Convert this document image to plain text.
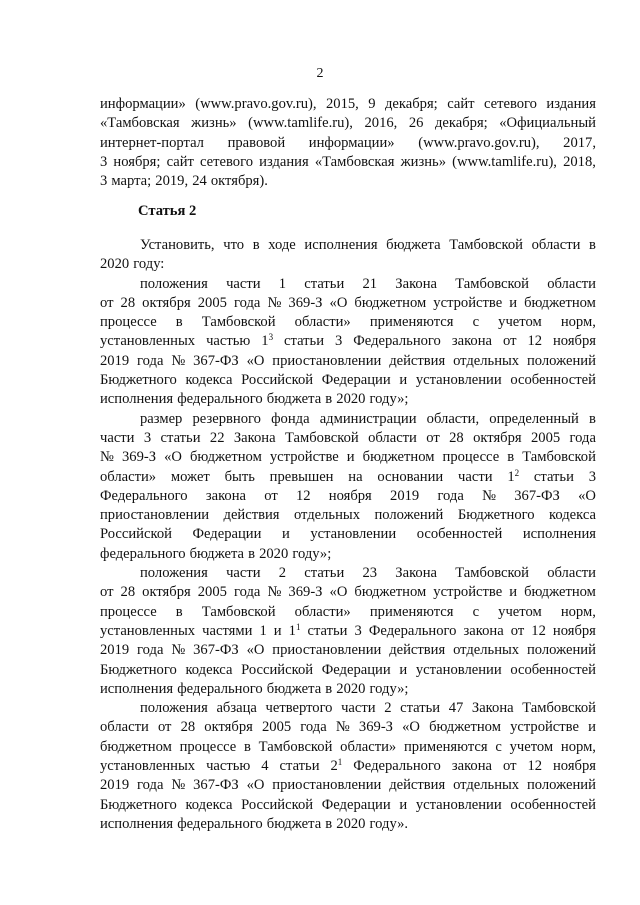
2
информации» (www.pravo.gov.ru), 2015, 9 декабря; сайт сетевого издания
«Тамбовская жизнь» (www.tamlife.ru), 2016, 26 декабря; «Официальный
интернет-портал правовой информации» (www.pravo.gov.ru), 2017,
3 ноября; сайт сетевого издания «Тамбовская жизнь» (www.tamlife.ru), 2018,
3 марта; 2019, 24 октября).
Статья 2
Установить, что в ходе исполнения бюджета Тамбовской области в
2020 году:
положения части 1 статьи 21 Закона Тамбовской области
от 28 октября 2005 года № 369-З «О бюджетном устройстве и бюджетном
процессе в Тамбовской области» применяются с учетом норм,
установленных частью $1^3$ статьи 3 Федерального закона от 12 ноября
2019 года № 367-ФЗ «О приостановлении действия отдельных положений
Бюджетного кодекса Российской Федерации и установлении особенностей
исполнения федерального бюджета в 2020 году»;
размер резервного фонда администрации области, определенный в
части 3 статьи 22 Закона Тамбовской области от 28 октября 2005 года
№ 369-З «О бюджетном устройстве и бюджетном процессе в Тамбовской
области» может быть превышен на основании части $1^2$ статьи 3
Федерального закона от 12 ноября 2019 года № 367-ФЗ «О
приостановлении действия отдельных положений Бюджетного кодекса
Российской Федерации и установлении особенностей исполнения
федерального бюджета в 2020 году»;
положения части 2 статьи 23 Закона Тамбовской области
от 28 октября 2005 года № 369-З «О бюджетном устройстве и бюджетном
процессе в Тамбовской области» применяются с учетом норм,
установленных частями 1 и $1^1$ статьи 3 Федерального закона от 12 ноября
2019 года № 367-ФЗ «О приостановлении действия отдельных положений
Бюджетного кодекса Российской Федерации и установлении особенностей
исполнения федерального бюджета в 2020 году»;
положения абзаца четвертого части 2 статьи 47 Закона Тамбовской
области от 28 октября 2005 года № 369-З «О бюджетном устройстве и
бюджетном процессе в Тамбовской области» применяются с учетом норм,
установленных частью 4 статьи $2^1$ Федерального закона от 12 ноября
2019 года № 367-ФЗ «О приостановлении действия отдельных положений
Бюджетного кодекса Российской Федерации и установлении особенностей
исполнения федерального бюджета в 2020 году».
